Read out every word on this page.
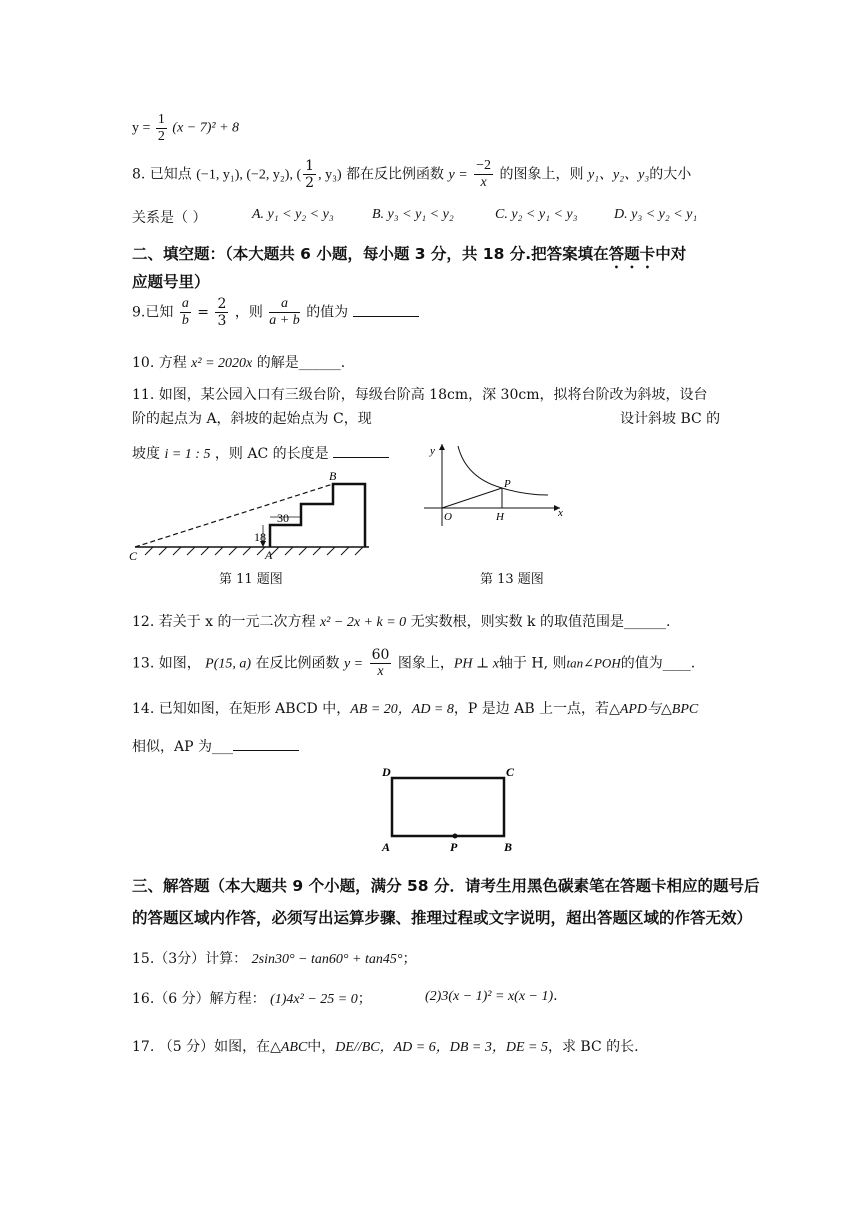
$y = \frac{1}{2} (x - 7)^2 + 8$
8. 已知点 (−1, y₁), (−2, y₂), ( $\frac{1}{2}$ , y₃) 都在反比例函数 $y = \frac{-2}{x}$ 的图象上，则 y₁、y₂、y₃的大小
关系是（ ）	A. y₁ < y₂ < y₃	B. y₃ < y₁ < y₂	C. y₂ < y₁ < y₃	D. y₃ < y₂ < y₁
二、填空题：（本大题共 6 小题，每小题 3 分，共 18 分.把答案填在答题卡中对
应题号里）
9.已知 $\frac{a}{b} = \frac{2}{3}$ ，则 $\frac{a}{a + b}$ 的值为
10. 方程 x² = 2020x 的解是______.
11. 如图，某公园入口有三级台阶，每级台阶高 18cm，深 30cm，拟将台阶改为斜坡，设台
阶的起点为 A，斜坡的起始点为 C，现	设计斜坡 BC 的
坡度 i = 1 : 5 ，则 AC 的长度是
B
C	A
30
18
第 11 题图
y
x
O
P
H
第 13 题图
12. 若关于 x 的一元二次方程 x² − 2x + k = 0 无实数根，则实数 k 的取值范围是______.
13. 如图， P(15, a) 在反比例函数 $y = \frac{60}{x}$ 图象上，PH ⊥ x轴于 H, 则tan∠POH的值为____.
14. 已知如图，在矩形 ABCD 中，AB = 20，AD = 8，P 是边 AB 上一点，若△APD与△BPC
相似，AP 为___
D	C
A	P	B
三、解答题（本大题共 9 个小题，满分 58 分．请考生用黑色碳素笔在答题卡相应的题号后
的答题区域内作答，必须写出运算步骤、推理过程或文字说明，超出答题区域的作答无效）
15.（3分）计算： 2sin30° − tan60° + tan45°；
16.（6 分）解方程： (1)4x² − 25 = 0；	(2)3(x − 1)² = x(x − 1).
17. （5 分）如图，在△ABC中，DE//BC，AD = 6，DB = 3，DE = 5，求 BC 的长.
